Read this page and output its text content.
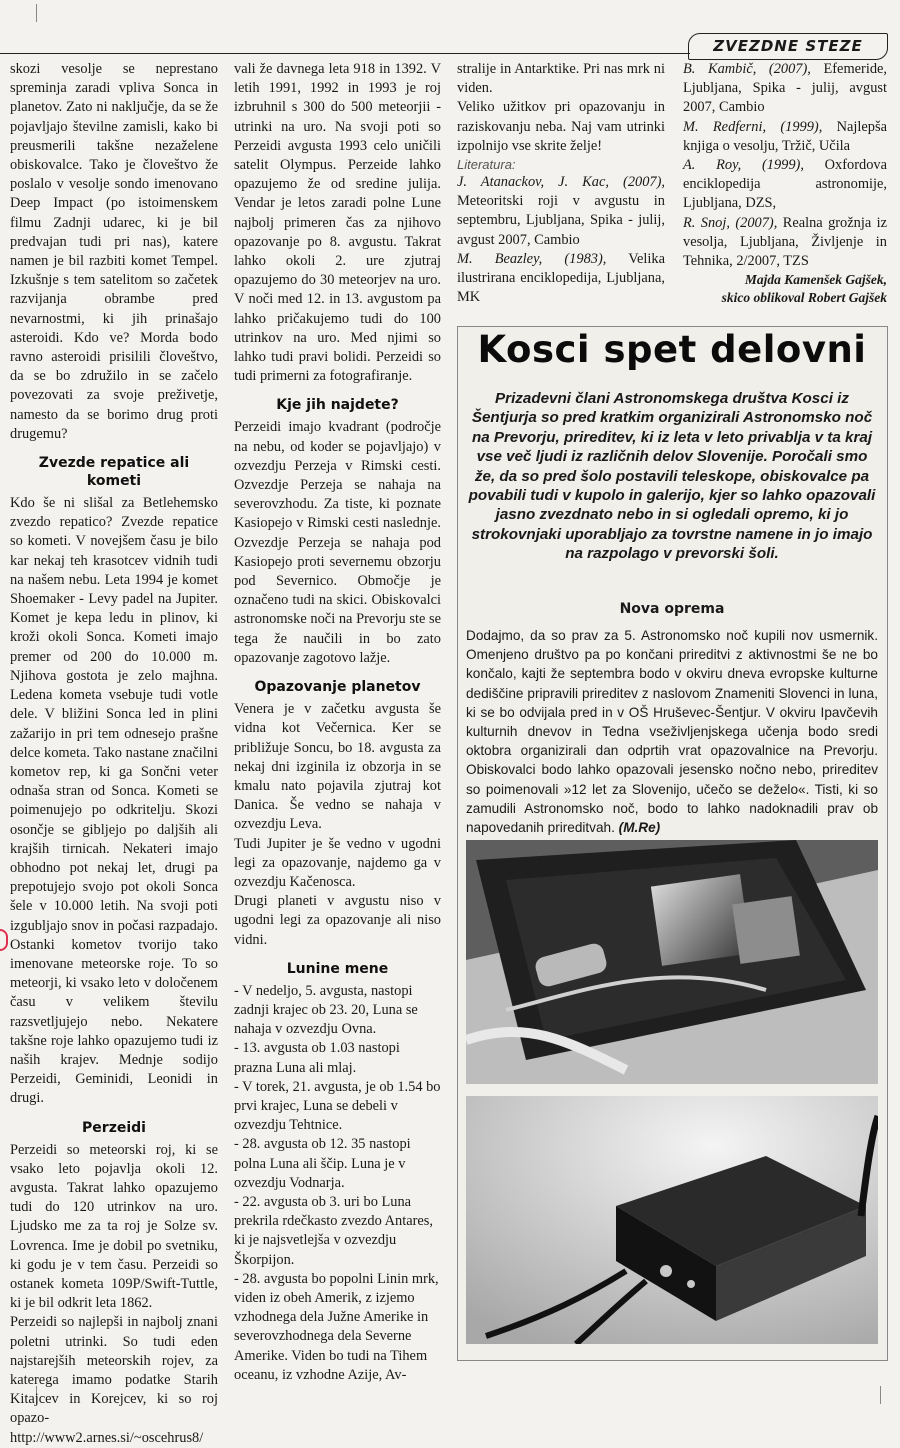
ZVEZDNE STEZE

skozi vesolje se neprestano spreminja zaradi vpliva Sonca in planetov. Zato ni naključje, da se že pojavljajo številne zamisli, kako bi preusmerili takšne nezaželene obiskovalce. Tako je človeštvo že poslalo v vesolje sondo imenovano Deep Impact (po istoimenskem filmu Zadnji udarec, ki je bil predvajan tudi pri nas), katere namen je bil razbiti komet Tempel. Izkušnje s tem satelitom so začetek razvijanja obrambe pred nevarnostmi, ki jih prinašajo asteroidi. Kdo ve? Morda bodo ravno asteroidi prisilili človeštvo, da se bo združilo in se začelo povezovati za svoje preživetje, namesto da se borimo drug proti drugemu?

Zvezde repatice ali kometi

Kdo še ni slišal za Betlehemsko zvezdo repatico? Zvezde repatice so kometi. V novejšem času je bilo kar nekaj teh krasotcev vidnih tudi na našem nebu. Leta 1994 je komet Shoemaker - Levy padel na Jupiter. Komet je kepa ledu in plinov, ki kroži okoli Sonca. Kometi imajo premer od 200 do 10.000 m. Njihova gostota je zelo majhna. Ledena kometa vsebuje tudi votle dele. V bližini Sonca led in plini zažarijo in pri tem odnesejo prašne delce kometa. Tako nastane značilni kometov rep, ki ga Sončni veter odnaša stran od Sonca. Kometi se poimenujejo po odkritelju. Skozi osončje se gibljejo po daljših ali krajših tirnicah. Nekateri imajo obhodno pot nekaj let, drugi pa prepotujejo svojo pot okoli Sonca šele v 10.000 letih. Na svoji poti izgubljajo snov in počasi razpadajo. Ostanki kometov tvorijo tako imenovane meteorske roje. To so meteorji, ki vsako leto v določenem času v velikem številu razsvetljujejo nebo. Nekatere takšne roje lahko opazujemo tudi iz naših krajev. Mednje sodijo Perzeidi, Geminidi, Leonidi in drugi.

Perzeidi

Perzeidi so meteorski roj, ki se vsako leto pojavlja okoli 12. avgusta. Takrat lahko opazujemo tudi do 120 utrinkov na uro. Ljudsko me za ta roj je Solze sv. Lovrenca. Ime je dobil po svetniku, ki godu je v tem času. Perzeidi so ostanek kometa 109P/Swift-Tuttle, ki je bil odkrit leta 1862.

Perzeidi so najlepši in najbolj znani poletni utrinki. So tudi eden najstarejših meteorskih rojev, za katerega imamo podatke Starih Kitajcev in Korejcev, ki so roj opazo- http://www2.arnes.si/~oscehrus8/

vali že davnega leta 918 in 1392. V letih 1991, 1992 in 1993 je roj izbruhnil s 300 do 500 meteorjii - utrinki na uro. Na svoji poti so Perzeidi avgusta 1993 celo uničili satelit Olympus. Perzeide lahko opazujemo že od sredine julija. Vendar je letos zaradi polne Lune najbolj primeren čas za njihovo opazovanje po 8. avgustu. Takrat lahko okoli 2. ure zjutraj opazujemo do 30 meteorjev na uro. V noči med 12. in 13. avgustom pa lahko pričakujemo tudi do 100 utrinkov na uro. Med njimi so lahko tudi pravi bolidi. Perzeidi so tudi primerni za fotografiranje.

Kje jih najdete?

Perzeidi imajo kvadrant (področje na nebu, od koder se pojavljajo) v ozvezdju Perzeja v Rimski cesti. Ozvezdje Perzeja se nahaja na severovzhodu. Za tiste, ki poznate Kasiopejo v Rimski cesti naslednje. Ozvezdje Perzeja se nahaja pod Kasiopejo proti severnemu obzorju pod Severnico. Območje je označeno tudi na skici. Obiskovalci astronomske noči na Prevorju ste se tega že naučili in bo zato opazovanje zagotovo lažje.

Opazovanje planetov

Venera je v začetku avgusta še vidna kot Večernica. Ker se približuje Soncu, bo 18. avgusta za nekaj dni izginila iz obzorja in se kmalu nato pojavila zjutraj kot Danica. Še vedno se nahaja v ozvezdju Leva.

Tudi Jupiter je še vedno v ugodni legi za opazovanje, najdemo ga v ozvezdju Kačenosca.

Drugi planeti v avgustu niso v ugodni legi za opazovanje ali niso vidni.

Lunine mene

- V nedeljo, 5. avgusta, nastopi zadnji krajec ob 23. 20, Luna se nahaja v ozvezdju Ovna.

- 13. avgusta ob 1.03 nastopi prazna Luna ali mlaj.

- V torek, 21. avgusta, je ob 1.54 bo prvi krajec, Luna se debeli v ozvezdju Tehtnice.

- 28. avgusta ob 12. 35 nastopi polna Luna ali ščip. Luna je v ozvezdju Vodnarja.

- 22. avgusta ob 3. uri bo Luna prekrila rdečkasto zvezdo Antares, ki je najsvetlejša v ozvezdju Škorpijon.

- 28. avgusta bo popolni Linin mrk, viden iz obeh Amerik, z izjemo vzhodnega dela Južne Amerike in severovzhodnega dela Severne Amerike. Viden bo tudi na Tihem oceanu, iz vzhodne Azije, Av-

stralije in Antarktike. Pri nas mrk ni viden.

Veliko užitkov pri opazovanju in raziskovanju neba. Naj vam utrinki izpolnijo vse skrite želje!

Literatura:

J. Atanackov, J. Kac, (2007), Meteoritski roji v avgustu in septembru, Ljubljana, Spika - julij, avgust 2007, Cambio

M. Beazley, (1983), Velika ilustrirana enciklopedija, Ljubljana, MK

B. Kambič, (2007), Efemeride, Ljubljana, Spika - julij, avgust 2007, Cambio

M. Redferni, (1999), Najlepša knjiga o vesolju, Tržič, Učila

A. Roy, (1999), Oxfordova enciklopedija astronomije, Ljubljana, DZS,

R. Snoj, (2007), Realna grožnja iz vesolja, Ljubljana, Življenje in Tehnika, 2/2007, TZS

Majda Kamenšek Gajšek,
skico oblikoval Robert Gajšek
Kosci spet delovni
Prizadevni člani Astronomskega društva Kosci iz Šentjurja so pred kratkim organizirali Astronomsko noč na Prevorju, prireditev, ki iz leta v leto privablja v ta kraj vse več ljudi iz različnih delov Slovenije. Poročali smo že, da so pred šolo postavili teleskope, obiskovalce pa povabili tudi v kupolo in galerijo, kjer so lahko opazovali jasno zvezdnato nebo in si ogledali opremo, ki jo strokovnjaki uporabljajo za tovrstne namene in jo imajo na razpolago v prevorski šoli.
Nova oprema
Dodajmo, da so prav za 5. Astronomsko noč kupili nov usmernik. Omenjeno društvo pa po končani prireditvi z aktivnostmi še ne bo končalo, kajti že septembra bodo v okviru dneva evropske kulturne dediščine pripravili prireditev z naslovom Znameniti Slovenci in luna, ki se bo odvijala pred in v OŠ Hruševec-Šentjur. V okviru Ipavčevih kulturnih dnevov in Tedna vseživljenjskega učenja bodo sredi oktobra organizirali dan odprtih vrat opazovalnice na Prevorju. Obiskovalci bodo lahko opazovali jesensko nočno nebo, prireditev so poimenovali »12 let za Slovenijo, učečo se deželo«. Tisti, ki so zamudili Astronomsko noč, bodo to lahko nadoknadili prav ob napovedanih prireditvah. (M.Re)
